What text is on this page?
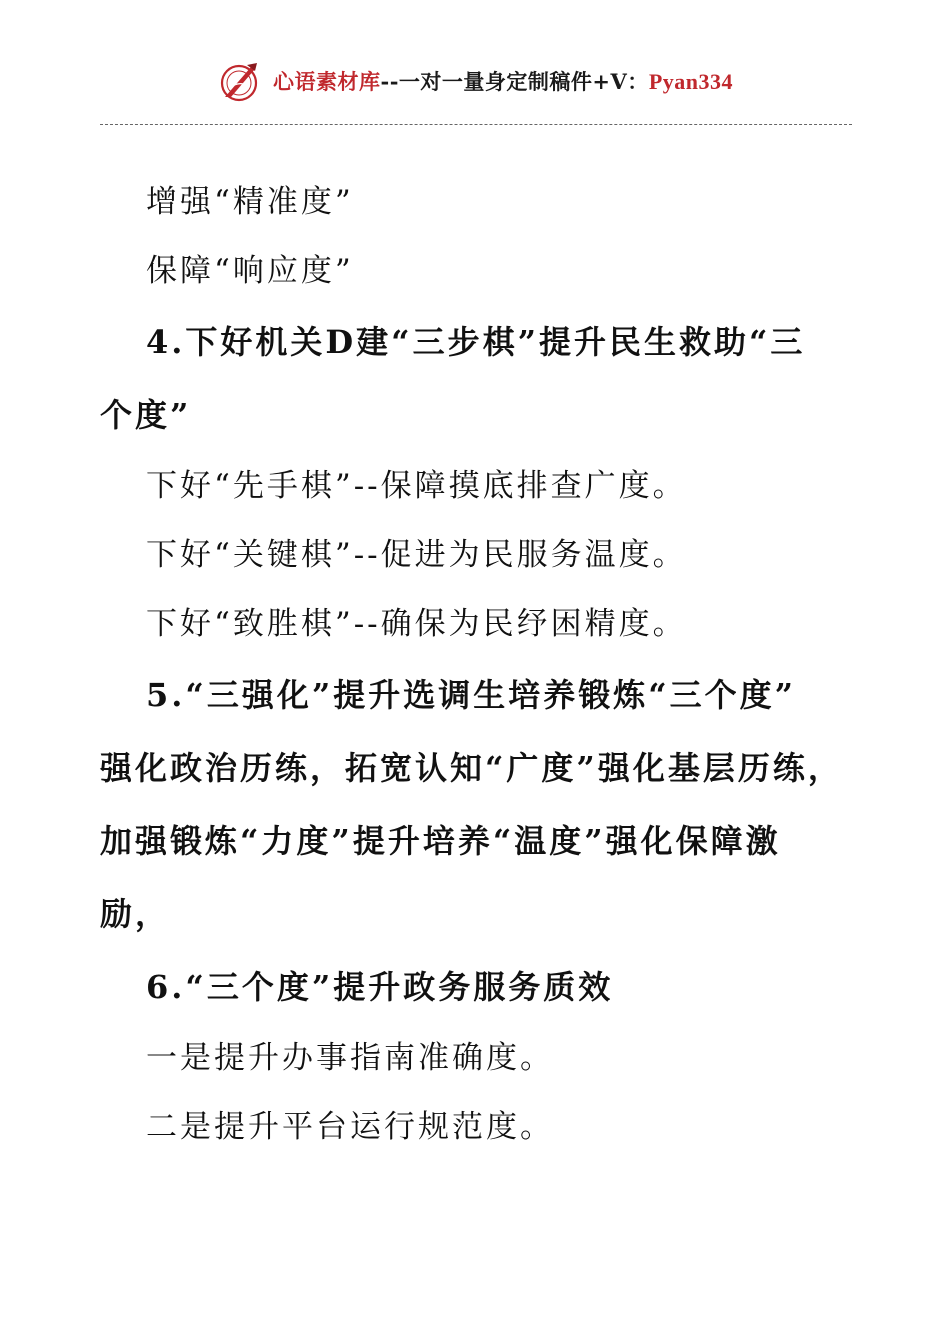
心语素材库--一对一量身定制稿件+V：Pyan334

增强“精准度”

保障“响应度”

4.下好机关D建“三步棋”提升民生救助“三

个度”

下好“先手棋”--保障摸底排查广度。

下好“关键棋”--促进为民服务温度。

下好“致胜棋”--确保为民纾困精度。

5.“三强化”提升选调生培养锻炼“三个度”

强化政治历练，拓宽认知“广度”强化基层历练，

加强锻炼“力度”提升培养“温度”强化保障激

励，

6.“三个度”提升政务服务质效

一是提升办事指南准确度。

二是提升平台运行规范度。
